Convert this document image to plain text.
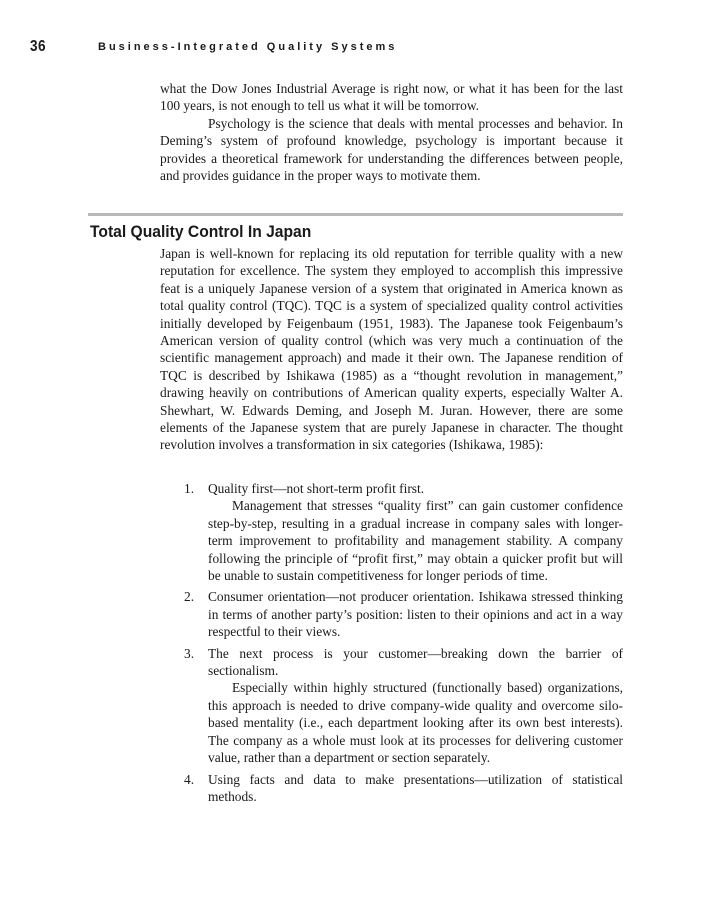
36	Business-Integrated Quality Systems

what the Dow Jones Industrial Average is right now, or what it has been for the last 100 years, is not enough to tell us what it will be tomorrow.

Psychology is the science that deals with mental processes and behavior. In Deming’s system of profound knowledge, psychology is important because it provides a theoretical framework for understanding the differences between people, and provides guidance in the proper ways to motivate them.

Total Quality Control In Japan

Japan is well-known for replacing its old reputation for terrible quality with a new reputation for excellence. The system they employed to accomplish this impressive feat is a uniquely Japanese version of a system that originated in America known as total quality control (TQC). TQC is a system of specialized quality control activities initially developed by Feigenbaum (1951, 1983). The Japanese took Feigenbaum’s American version of quality control (which was very much a continuation of the scientific management approach) and made it their own. The Japanese rendition of TQC is described by Ishikawa (1985) as a “thought revolution in management,” drawing heavily on contributions of American quality experts, especially Walter A. Shewhart, W. Edwards Deming, and Joseph M. Juran. However, there are some elements of the Japanese system that are purely Japanese in character. The thought revolution involves a transformation in six categories (Ishikawa, 1985):

1. Quality first—not short-term profit first.

Management that stresses “quality first” can gain customer confidence step-by-step, resulting in a gradual increase in company sales with longer-term improvement to profitability and management stability. A company following the principle of “profit first,” may obtain a quicker profit but will be unable to sustain competitiveness for longer periods of time.

2. Consumer orientation—not producer orientation. Ishikawa stressed thinking in terms of another party’s position: listen to their opinions and act in a way respectful to their views.

3. The next process is your customer—breaking down the barrier of sectionalism.

Especially within highly structured (functionally based) organizations, this approach is needed to drive company-wide quality and overcome silo-based mentality (i.e., each department looking after its own best interests). The company as a whole must look at its processes for delivering customer value, rather than a department or section separately.

4. Using facts and data to make presentations—utilization of statistical methods.
